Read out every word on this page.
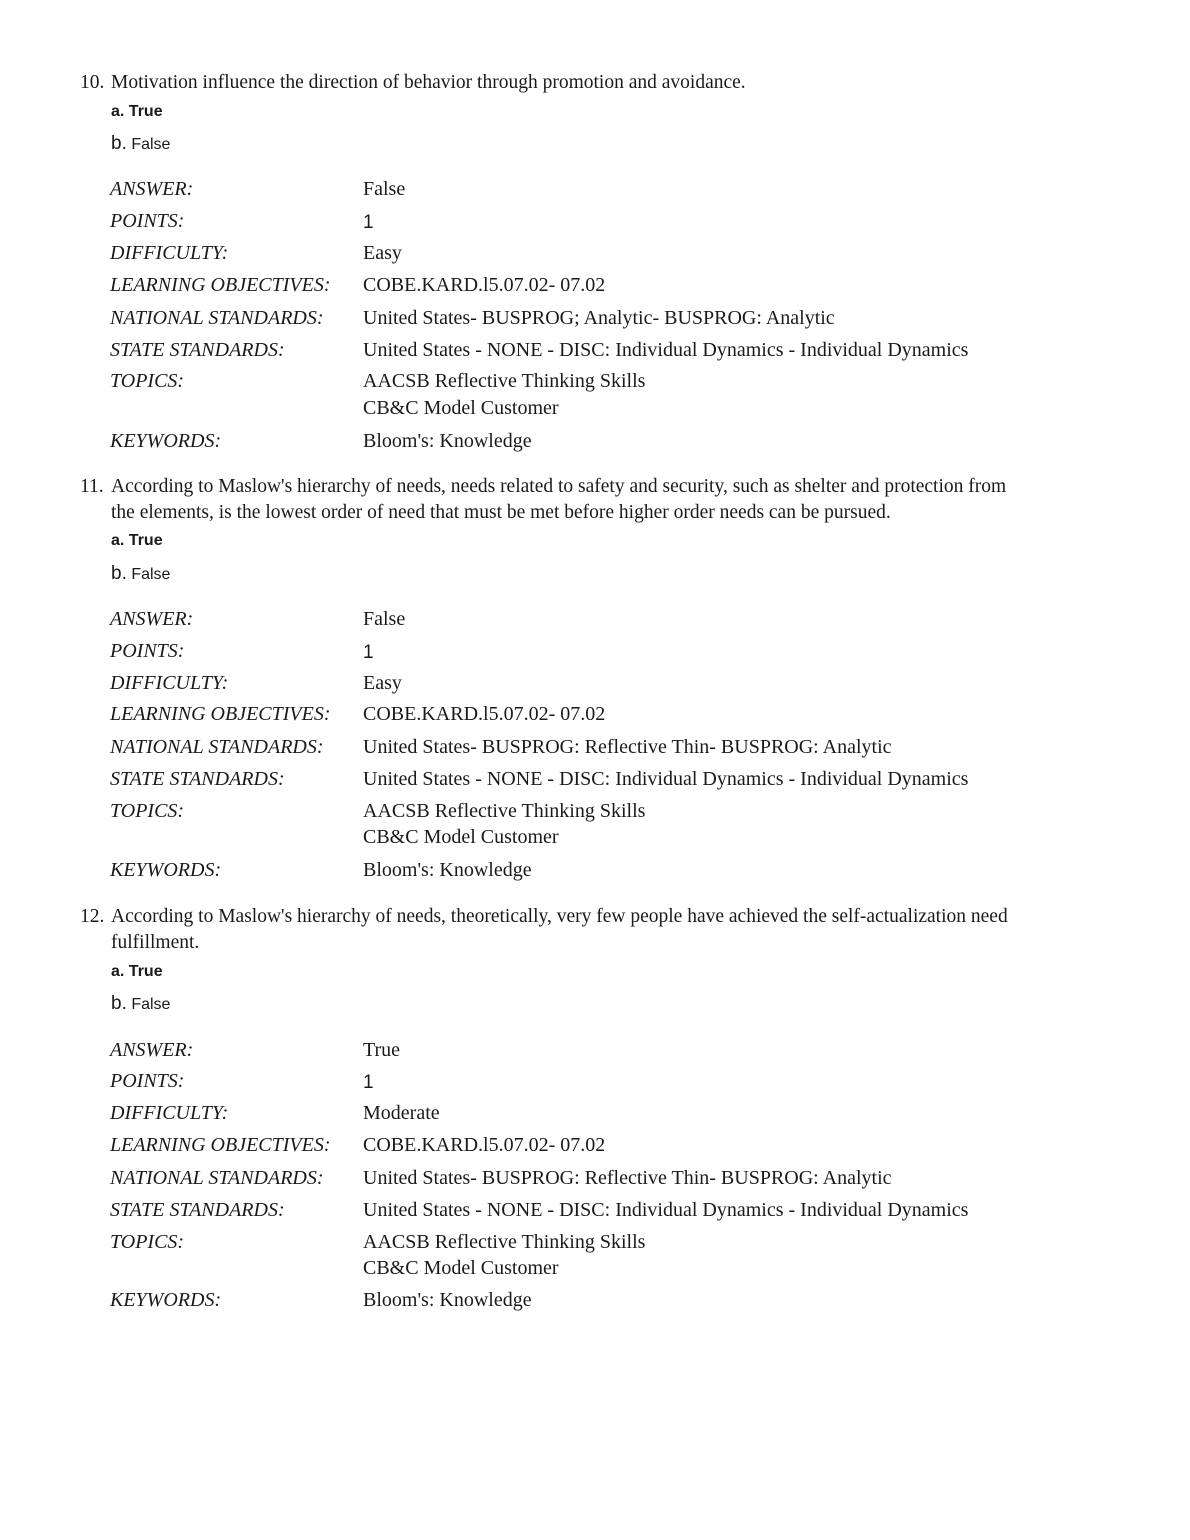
10. Motivation influence the direction of behavior through promotion and avoidance.
a. True
b. False
ANSWER:	False
POINTS:	1
DIFFICULTY:	Easy
LEARNING OBJECTIVES: COBE.KARD.l5.07.02- 07.02
NATIONAL STANDARDS: United States- BUSPROG; Analytic- BUSPROG: Analytic
STATE STANDARDS:	United States - NONE - DISC: Individual Dynamics - Individual Dynamics
TOPICS:	AACSB Reflective Thinking Skills
CB&C Model Customer
KEYWORDS:	Bloom's: Knowledge
11. According to Maslow's hierarchy of needs, needs related to safety and security, such as shelter and protection from
the elements, is the lowest order of need that must be met before higher order needs can be pursued.
a. True
b. False
ANSWER:	False
POINTS:	1
DIFFICULTY:	Easy
LEARNING OBJECTIVES: COBE.KARD.l5.07.02- 07.02
NATIONAL STANDARDS: United States- BUSPROG: Reflective Thin- BUSPROG: Analytic
STATE STANDARDS:	United States - NONE - DISC: Individual Dynamics - Individual Dynamics
TOPICS:	AACSB Reflective Thinking Skills
CB&C Model Customer
KEYWORDS:	Bloom's: Knowledge
12. According to Maslow's hierarchy of needs, theoretically, very few people have achieved the self-actualization need
fulfillment.
a. True
b. False
ANSWER:	True
POINTS:	1
DIFFICULTY:	Moderate
LEARNING OBJECTIVES: COBE.KARD.l5.07.02- 07.02
NATIONAL STANDARDS: United States- BUSPROG: Reflective Thin- BUSPROG: Analytic
STATE STANDARDS:	United States - NONE - DISC: Individual Dynamics - Individual Dynamics
TOPICS:	AACSB Reflective Thinking Skills
CB&C Model Customer
KEYWORDS:	Bloom's: Knowledge
